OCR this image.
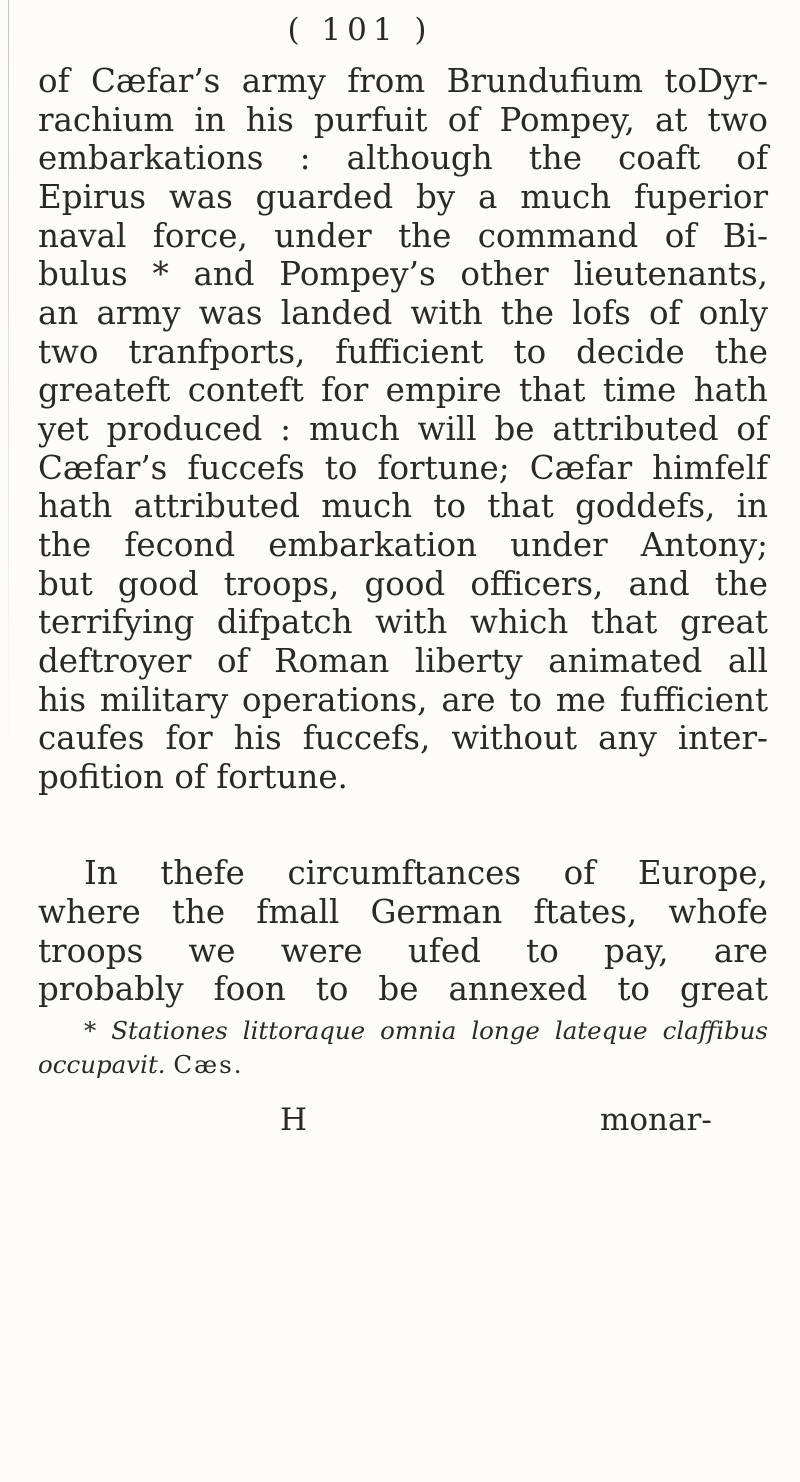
( 101 )
of Cæfar’s army from Brundufium toDyr-
rachium in his purfuit of Pompey, at two
embarkations : although the coaft of
Epirus was guarded by a much fuperior
naval force, under the command of Bi-
bulus * and Pompey’s other lieutenants,
an army was landed with the lofs of only
two tranfports, fufficient to decide the
greateft conteft for empire that time hath
yet produced : much will be attributed of
Cæfar’s fuccefs to fortune; Cæfar himfelf
hath attributed much to that goddefs, in
the fecond embarkation under Antony;
but good troops, good officers, and the
terrifying difpatch with which that great
deftroyer of Roman liberty animated all
his military operations, are to me fufficient
caufes for his fuccefs, without any inter-
pofition of fortune.
In thefe circumftances of Europe,
where the fmall German ftates, whofe
troops we were ufed to pay, are
probably foon to be annexed to great
* Stationes littoraque omnia longe lateque claffibus
occupavit. Cæs.
H	monar-
